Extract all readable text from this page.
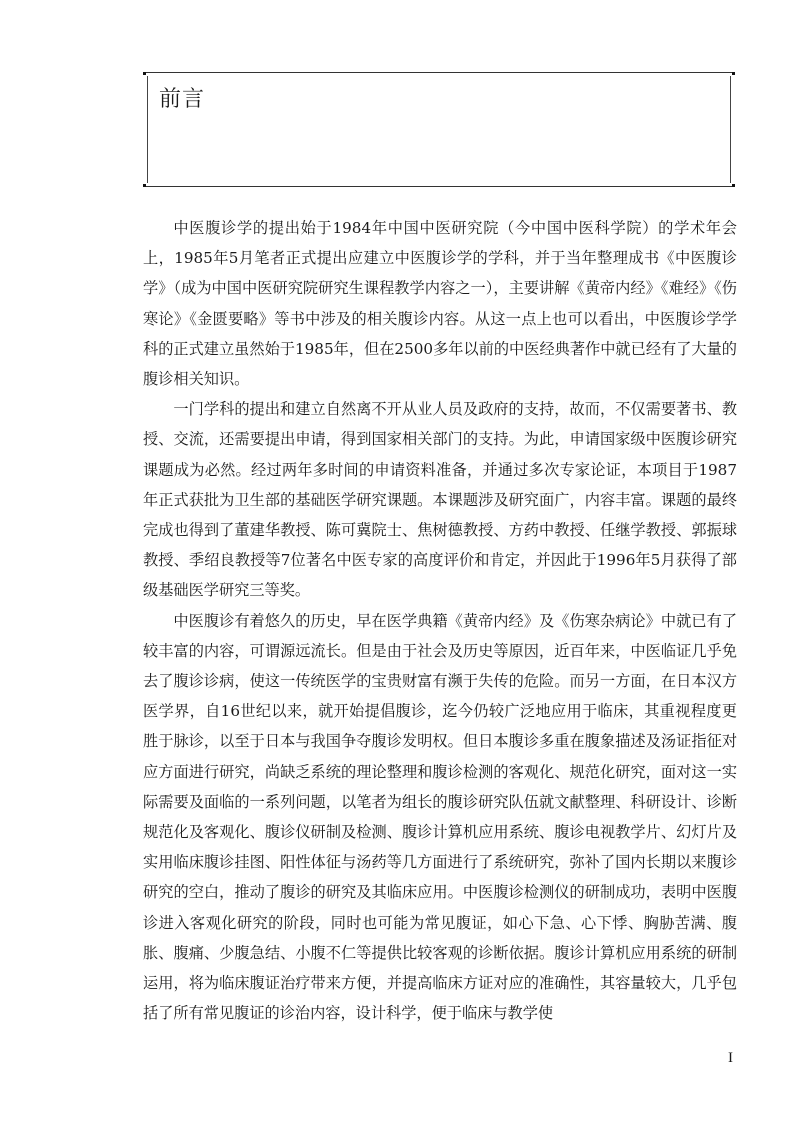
前言

中医腹诊学的提出始于1984年中国中医研究院（今中国中医科学院）的学术年会上，1985年5月笔者正式提出应建立中医腹诊学的学科，并于当年整理成书《中医腹诊学》（成为中国中医研究院研究生课程教学内容之一），主要讲解《黄帝内经》《难经》《伤寒论》《金匮要略》等书中涉及的相关腹诊内容。从这一点上也可以看出，中医腹诊学学科的正式建立虽然始于1985年，但在2500多年以前的中医经典著作中就已经有了大量的腹诊相关知识。

一门学科的提出和建立自然离不开从业人员及政府的支持，故而，不仅需要著书、教授、交流，还需要提出申请，得到国家相关部门的支持。为此，申请国家级中医腹诊研究课题成为必然。经过两年多时间的申请资料准备，并通过多次专家论证，本项目于1987年正式获批为卫生部的基础医学研究课题。本课题涉及研究面广，内容丰富。课题的最终完成也得到了董建华教授、陈可冀院士、焦树德教授、方药中教授、任继学教授、郭振球教授、季绍良教授等7位著名中医专家的高度评价和肯定，并因此于1996年5月获得了部级基础医学研究三等奖。

中医腹诊有着悠久的历史，早在医学典籍《黄帝内经》及《伤寒杂病论》中就已有了较丰富的内容，可谓源远流长。但是由于社会及历史等原因，近百年来，中医临证几乎免去了腹诊诊病，使这一传统医学的宝贵财富有濒于失传的危险。而另一方面，在日本汉方医学界，自16世纪以来，就开始提倡腹诊，迄今仍较广泛地应用于临床，其重视程度更胜于脉诊，以至于日本与我国争夺腹诊发明权。但日本腹诊多重在腹象描述及汤证指征对应方面进行研究，尚缺乏系统的理论整理和腹诊检测的客观化、规范化研究，面对这一实际需要及面临的一系列问题，以笔者为组长的腹诊研究队伍就文献整理、科研设计、诊断规范化及客观化、腹诊仪研制及检测、腹诊计算机应用系统、腹诊电视教学片、幻灯片及实用临床腹诊挂图、阳性体征与汤药等几方面进行了系统研究，弥补了国内长期以来腹诊研究的空白，推动了腹诊的研究及其临床应用。中医腹诊检测仪的研制成功，表明中医腹诊进入客观化研究的阶段，同时也可能为常见腹证，如心下急、心下悸、胸胁苦满、腹胀、腹痛、少腹急结、小腹不仁等提供比较客观的诊断依据。腹诊计算机应用系统的研制运用，将为临床腹证治疗带来方便，并提高临床方证对应的准确性，其容量较大，几乎包括了所有常见腹证的诊治内容，设计科学，便于临床与教学使

I
